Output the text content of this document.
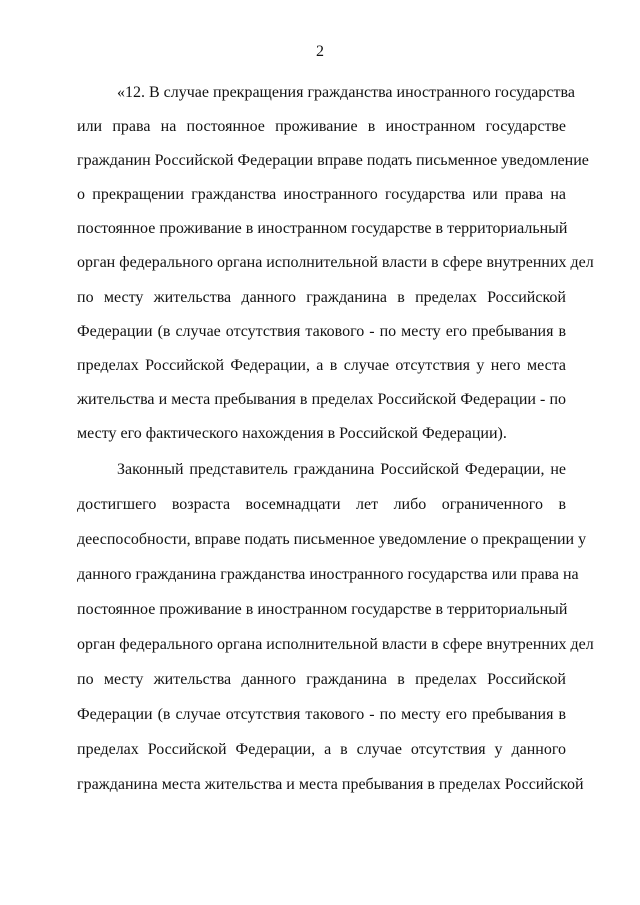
2
«12. В случае прекращения гражданства иностранного государства
или права на постоянное проживание в иностранном государстве
гражданин Российской Федерации вправе подать письменное уведомление
о прекращении гражданства иностранного государства или права на
постоянное проживание в иностранном государстве в территориальный
орган федерального органа исполнительной власти в сфере внутренних дел
по месту жительства данного гражданина в пределах Российской
Федерации (в случае отсутствия такового - по месту его пребывания в
пределах Российской Федерации, а в случае отсутствия у него места
жительства и места пребывания в пределах Российской Федерации - по
месту его фактического нахождения в Российской Федерации).
Законный представитель гражданина Российской Федерации, не
достигшего возраста восемнадцати лет либо ограниченного в
дееспособности, вправе подать письменное уведомление о прекращении у
данного гражданина гражданства иностранного государства или права на
постоянное проживание в иностранном государстве в территориальный
орган федерального органа исполнительной власти в сфере внутренних дел
по месту жительства данного гражданина в пределах Российской
Федерации (в случае отсутствия такового - по месту его пребывания в
пределах Российской Федерации, а в случае отсутствия у данного
гражданина места жительства и места пребывания в пределах Российской
